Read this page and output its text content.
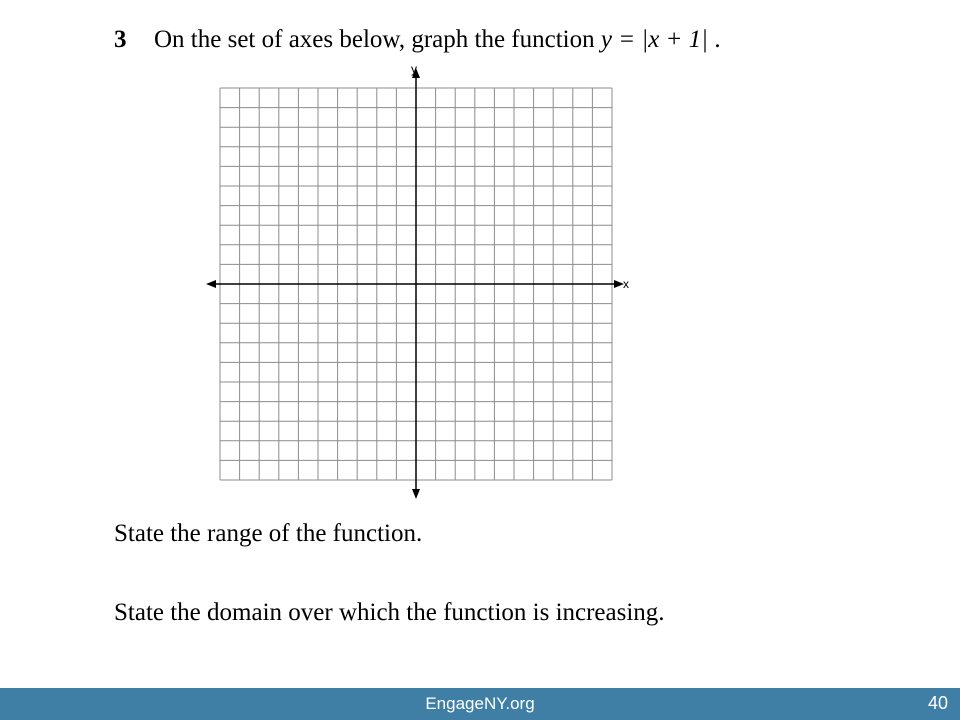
3 On the set of axes below, graph the function y = |x + 1| .
x
y
State the range of the function.
State the domain over which the function is increasing.
EngageNY.org	40
